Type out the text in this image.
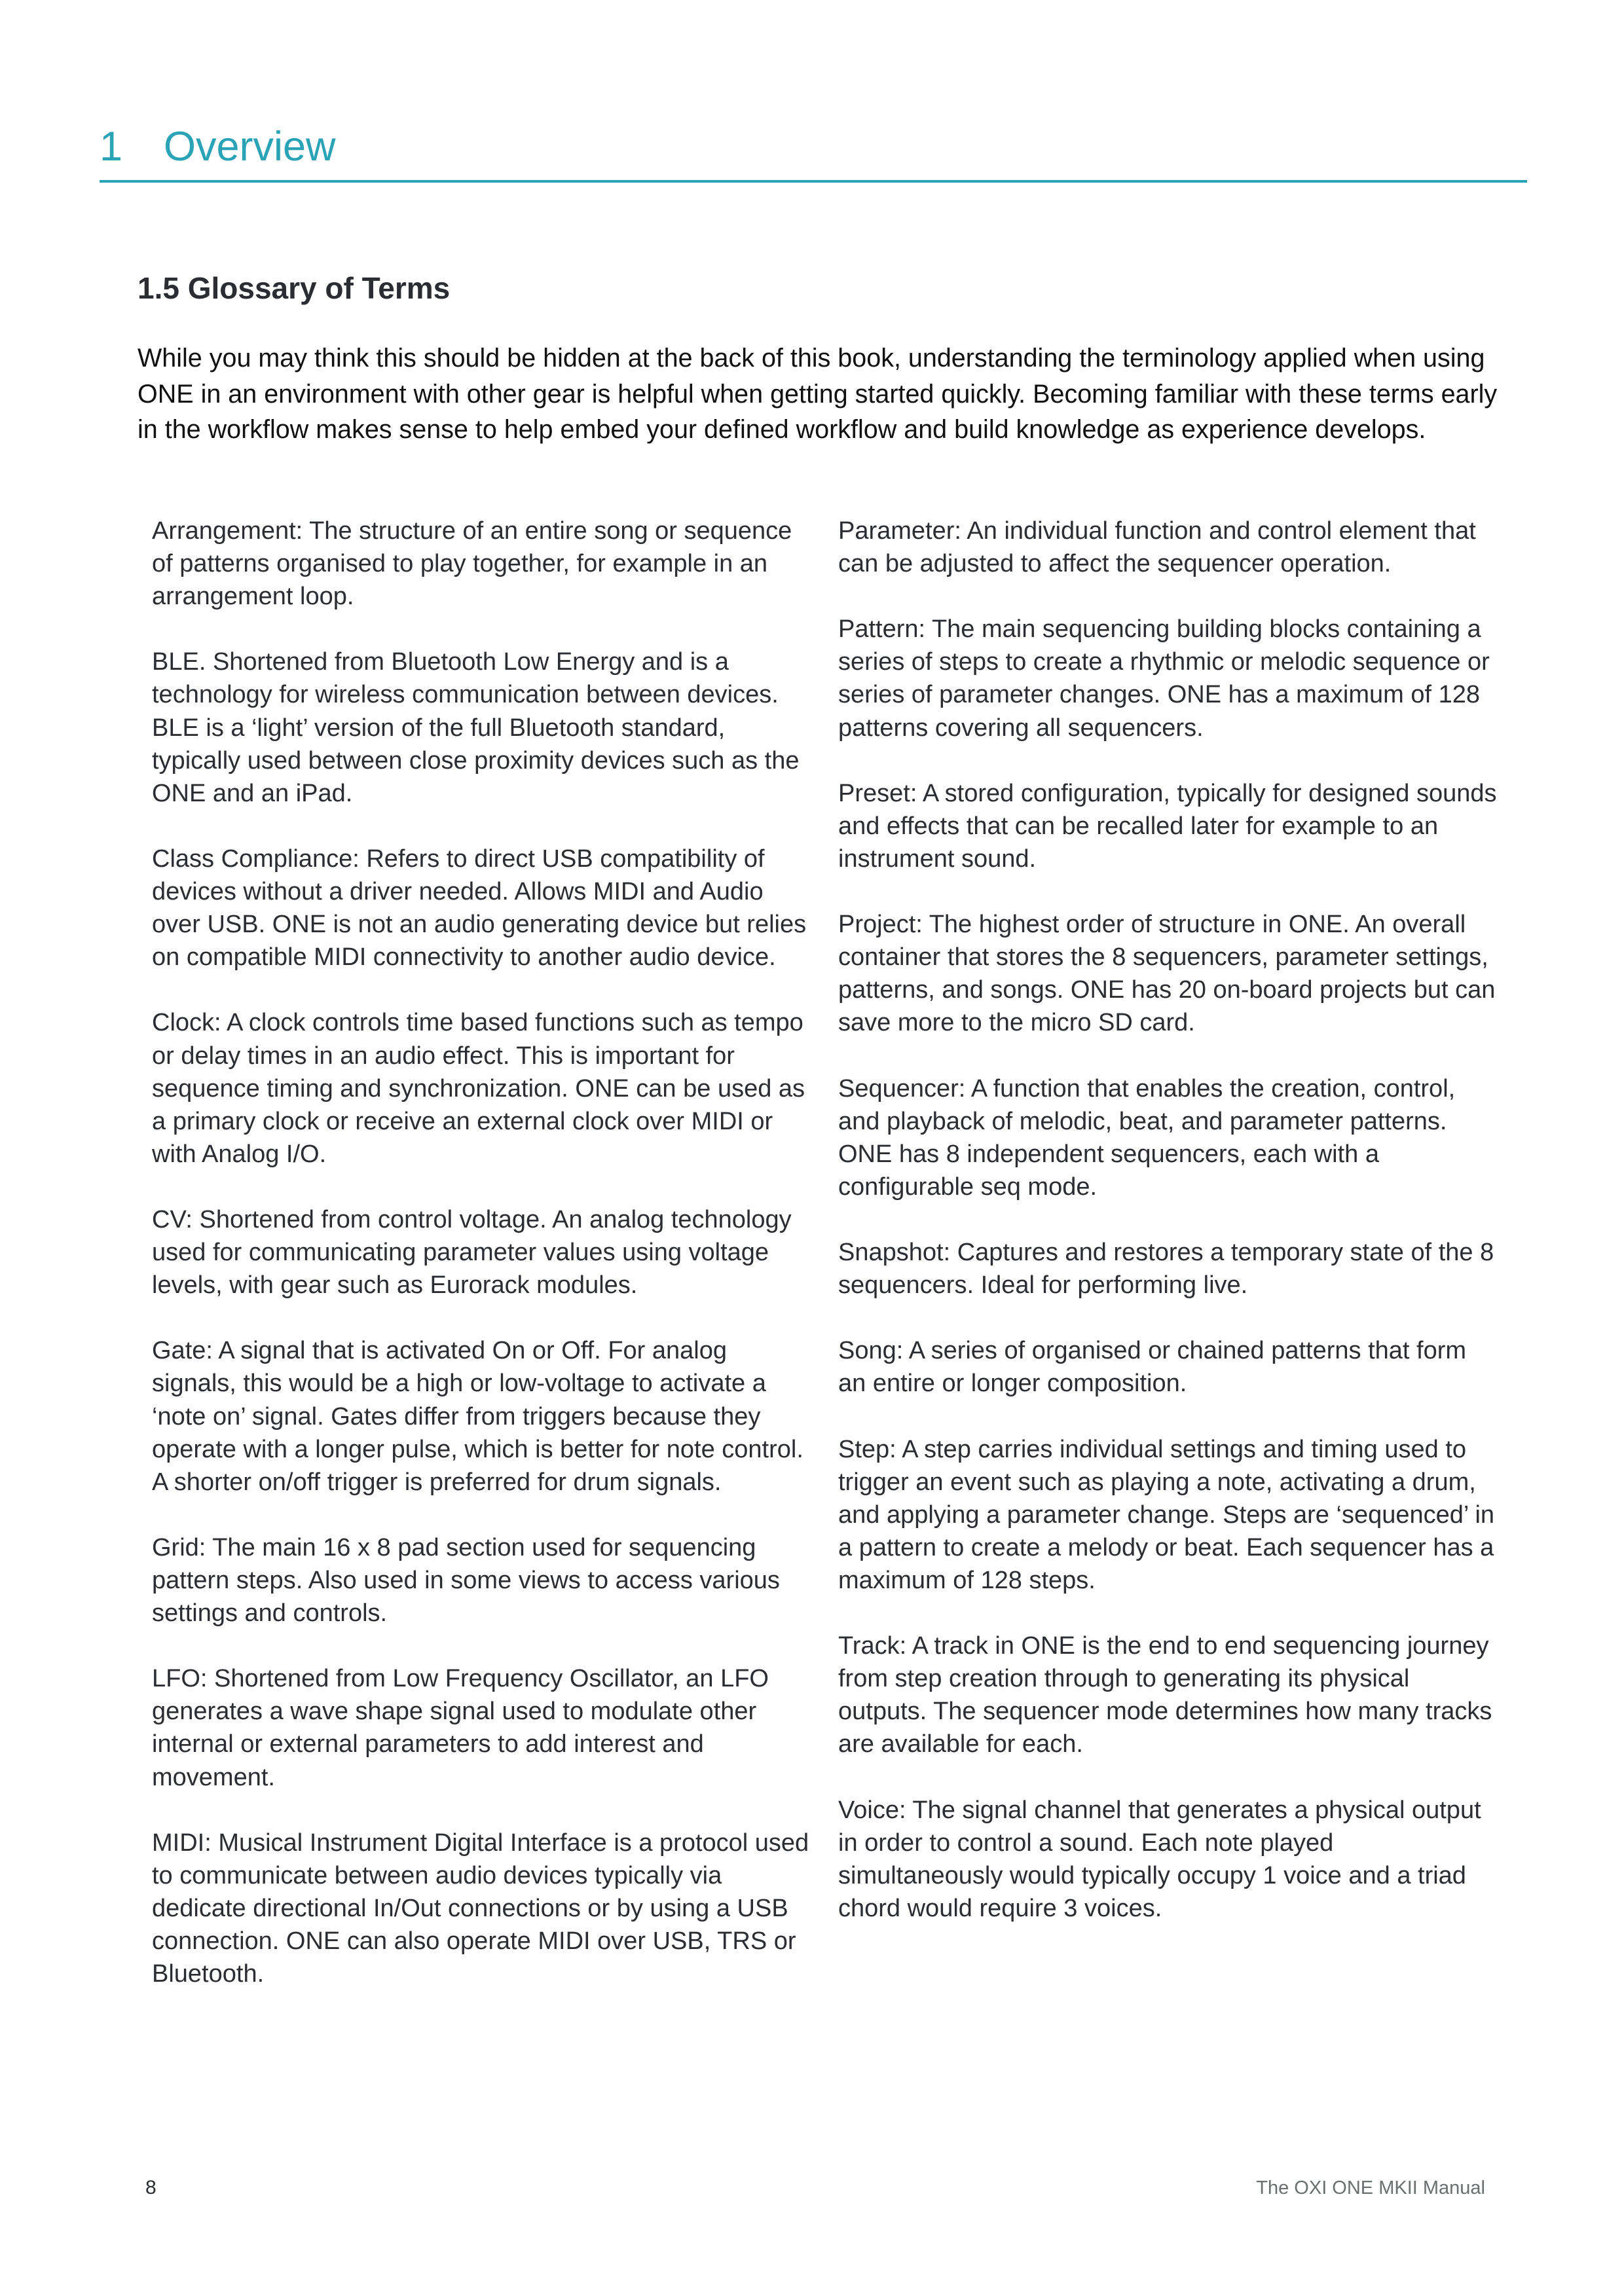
1 Overview
1.5 Glossary of Terms

While you may think this should be hidden at the back of this book, understanding the terminology applied when using ONE in an environment with other gear is helpful when getting started quickly. Becoming familiar with these terms early in the workflow makes sense to help embed your defined workflow and build knowledge as experience develops.

Arrangement: The structure of an entire song or sequence of patterns organised to play together, for example in an arrangement loop.

BLE. Shortened from Bluetooth Low Energy and is a technology for wireless communication between devices. BLE is a ‘light’ version of the full Bluetooth standard, typically used between close proximity devices such as the ONE and an iPad.

Class Compliance: Refers to direct USB compatibility of devices without a driver needed. Allows MIDI and Audio over USB. ONE is not an audio generating device but relies on compatible MIDI connectivity to another audio device.

Clock: A clock controls time based functions such as tempo or delay times in an audio effect. This is important for sequence timing and synchronization. ONE can be used as a primary clock or receive an external clock over MIDI or with Analog I/O.

CV: Shortened from control voltage. An analog technology used for communicating parameter values using voltage levels, with gear such as Eurorack modules.

Gate: A signal that is activated On or Off. For analog signals, this would be a high or low-voltage to activate a ‘note on’ signal. Gates differ from triggers because they operate with a longer pulse, which is better for note control. A shorter on/off trigger is preferred for drum signals.

Grid: The main 16 x 8 pad section used for sequencing pattern steps. Also used in some views to access various settings and controls.

LFO: Shortened from Low Frequency Oscillator, an LFO generates a wave shape signal used to modulate other internal or external parameters to add interest and movement.

MIDI: Musical Instrument Digital Interface is a protocol used to communicate between audio devices typically via dedicate directional In/Out connections or by using a USB connection. ONE can also operate MIDI over USB, TRS or Bluetooth.

Parameter: An individual function and control element that can be adjusted to affect the sequencer operation.

Pattern: The main sequencing building blocks containing a series of steps to create a rhythmic or melodic sequence or series of parameter changes. ONE has a maximum of 128 patterns covering all sequencers.

Preset: A stored configuration, typically for designed sounds and effects that can be recalled later for example to an instrument sound.

Project: The highest order of structure in ONE. An overall container that stores the 8 sequencers, parameter settings, patterns, and songs. ONE has 20 on-board projects but can save more to the micro SD card.

Sequencer: A function that enables the creation, control, and playback of melodic, beat, and parameter patterns. ONE has 8 independent sequencers, each with a configurable seq mode.

Snapshot: Captures and restores a temporary state of the 8 sequencers. Ideal for performing live.

Song: A series of organised or chained patterns that form an entire or longer composition.

Step: A step carries individual settings and timing used to trigger an event such as playing a note, activating a drum, and applying a parameter change. Steps are ‘sequenced’ in a pattern to create a melody or beat. Each sequencer has a maximum of 128 steps.

Track: A track in ONE is the end to end sequencing journey from step creation through to generating its physical outputs. The sequencer mode determines how many tracks are available for each.

Voice: The signal channel that generates a physical output in order to control a sound. Each note played simultaneously would typically occupy 1 voice and a triad chord would require 3 voices.

8	The OXI ONE MKII Manual
